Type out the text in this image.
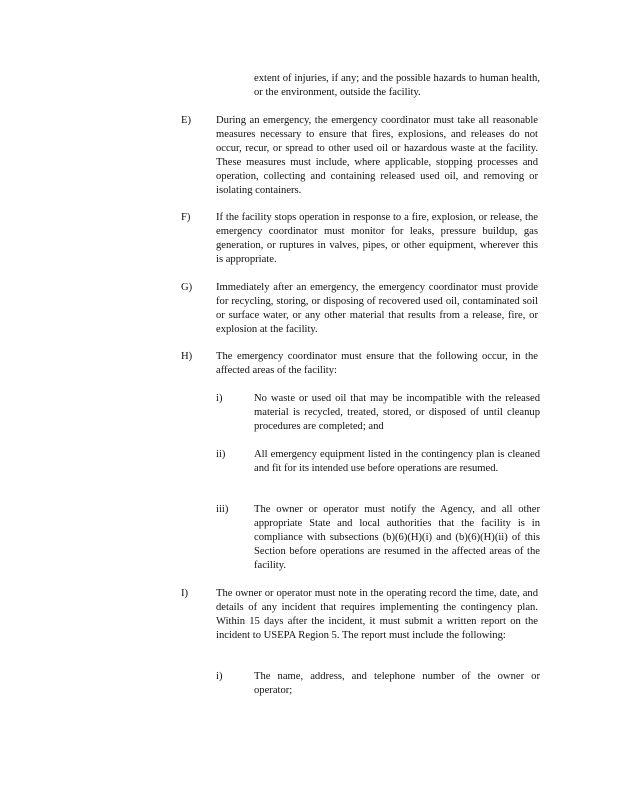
extent of injuries, if any; and the possible hazards to human health, or the environment, outside the facility.
E) During an emergency, the emergency coordinator must take all reasonable measures necessary to ensure that fires, explosions, and releases do not occur, recur, or spread to other used oil or hazardous waste at the facility. These measures must include, where applicable, stopping processes and operation, collecting and containing released used oil, and removing or isolating containers.
F) If the facility stops operation in response to a fire, explosion, or release, the emergency coordinator must monitor for leaks, pressure buildup, gas generation, or ruptures in valves, pipes, or other equipment, wherever this is appropriate.
G) Immediately after an emergency, the emergency coordinator must provide for recycling, storing, or disposing of recovered used oil, contaminated soil or surface water, or any other material that results from a release, fire, or explosion at the facility.
H) The emergency coordinator must ensure that the following occur, in the affected areas of the facility:
i)	No waste or used oil that may be incompatible with the released material is recycled, treated, stored, or disposed of until cleanup procedures are completed; and
ii)	All emergency equipment listed in the contingency plan is cleaned and fit for its intended use before operations are resumed.
iii) The owner or operator must notify the Agency, and all other appropriate State and local authorities that the facility is in compliance with subsections (b)(6)(H)(i) and (b)(6)(H)(ii) of this Section before operations are resumed in the affected areas of the facility.
I)	The owner or operator must note in the operating record the time, date, and details of any incident that requires implementing the contingency plan. Within 15 days after the incident, it must submit a written report on the incident to USEPA Region 5. The report must include the following:
i)	The name, address, and telephone number of the owner or operator;
